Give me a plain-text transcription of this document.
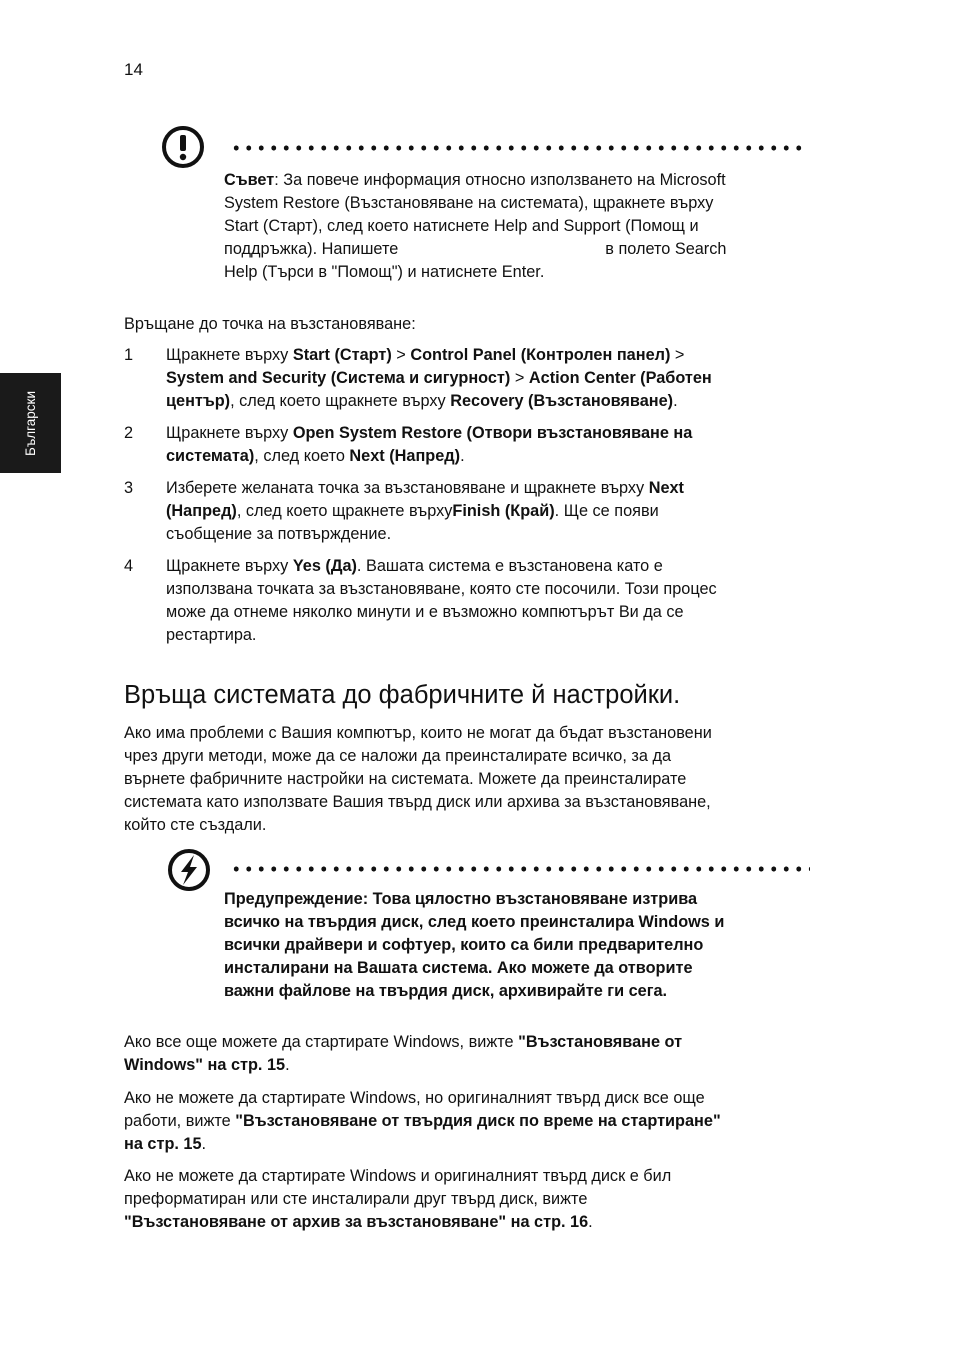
14
Български
Съвет: За повече информация относно използването на Microsoft
System Restore (Възстановяване на системата), щракнете върху
Start (Старт), след което натиснете Help and Support (Помощ и
поддръжка). Напишете	в полето Search
Help (Търси в "Помощ") и натиснете Enter.
Връщане до точка на възстановяване:
1 Щракнете върху Start (Старт) > Control Panel (Контролен панел) >
System and Security (Система и сигурност) > Action Center (Работен
център), след което щракнете върху Recovery (Възстановяване).
2 Щракнете върху Open System Restore (Отвори възстановяване на
системата), след което Next (Напред).
3 Изберете желаната точка за възстановяване и щракнете върху Next
(Напред), след което щракнете върхуFinish (Край). Ще се появи
съобщение за потвърждение.
4 Щракнете върху Yes (Да). Вашата система е възстановена като е
използвана точката за възстановяване, която сте посочили. Този процес
може да отнеме няколко минути и е възможно компютърът Ви да се
рестартира.
Връща системата до фабричните й настройки.
Ако има проблеми с Вашия компютър, които не могат да бъдат възстановени
чрез други методи, може да се наложи да преинсталирате всичко, за да
върнете фабричните настройки на системата. Можете да преинсталирате
системата като използвате Вашия твърд диск или архива за възстановяване,
който сте създали.
Предупреждение: Това цялостно възстановяване изтрива
всичко на твърдия диск, след което преинсталира Windows и
всички драйвери и софтуер, които са били предварително
инсталирани на Вашата система. Ако можете да отворите
важни файлове на твърдия диск, архивирайте ги сега.
Ако все още можете да стартирате Windows, вижте "Възстановяване от
Windows" на стр. 15.
Ако не можете да стартирате Windows, но оригиналният твърд диск все още
работи, вижте "Възстановяване от твърдия диск по време на стартиране"
на стр. 15.
Ако не можете да стартирате Windows и оригиналният твърд диск е бил
преформатиран или сте инсталирали друг твърд диск, вижте
"Възстановяване от архив за възстановяване" на стр. 16.
